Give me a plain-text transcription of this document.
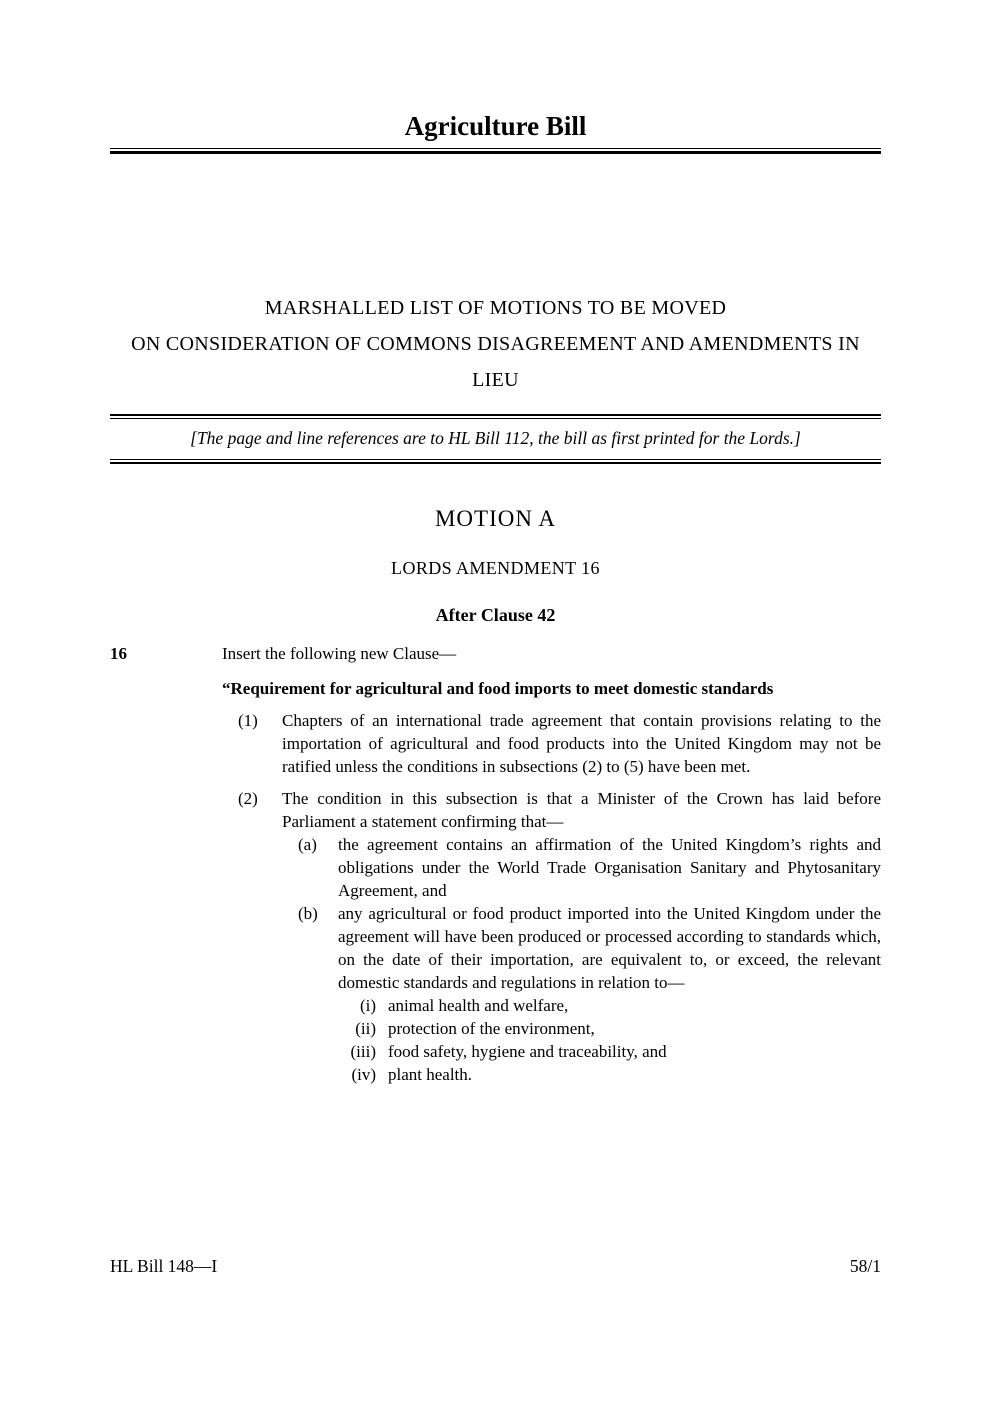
Agriculture Bill
MARSHALLED LIST OF MOTIONS TO BE MOVED
ON CONSIDERATION OF COMMONS DISAGREEMENT AND AMENDMENTS IN
LIEU
[The page and line references are to HL Bill 112, the bill as first printed for the Lords.]
MOTION A
LORDS AMENDMENT 16
After Clause 42
16	Insert the following new Clause—
“Requirement for agricultural and food imports to meet domestic standards
(1) Chapters of an international trade agreement that contain provisions relating to the importation of agricultural and food products into the United Kingdom may not be ratified unless the conditions in subsections (2) to (5) have been met.
(2) The condition in this subsection is that a Minister of the Crown has laid before Parliament a statement confirming that—
(a) the agreement contains an affirmation of the United Kingdom’s rights and obligations under the World Trade Organisation Sanitary and Phytosanitary Agreement, and
(b) any agricultural or food product imported into the United Kingdom under the agreement will have been produced or processed according to standards which, on the date of their importation, are equivalent to, or exceed, the relevant domestic standards and regulations in relation to—
(i) animal health and welfare,
(ii) protection of the environment,
(iii) food safety, hygiene and traceability, and
(iv) plant health.
HL Bill 148—I	58/1
